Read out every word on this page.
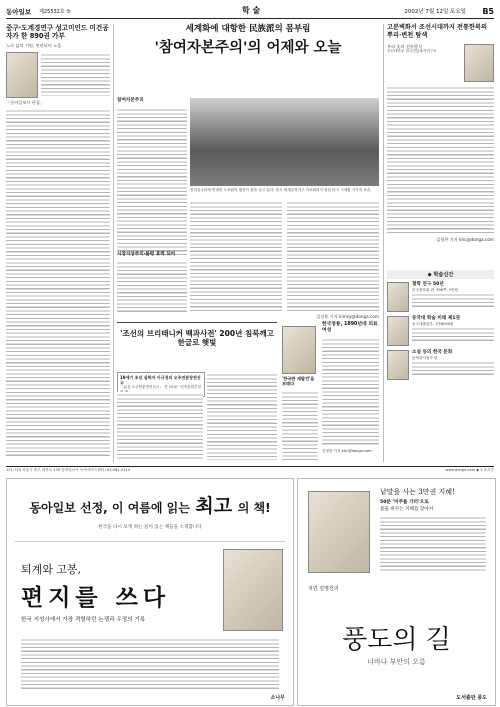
동아일보 제25532호 ⑤	학 술	2002년 7월 12일 토요일 B5
중구·도계경연구 성고미인드 미건공자가 한 890권 가부
노자 삶의 기원, 연관되어 노을
「동아일보사 편집」
세계화에 대항한 民族派의 몸부림
'참여자본주의'의 어제와 오늘
참여자본주의
신자유주의에 반대한 노조원의 행진이 줄을 잇고 있다. 당시 세계무역기구 각료회의가 열린 미국 시애틀 시가지 모습.
시장지상주의·불평 효력 되어
김상윤 기자 kimsy@donga.com
고분벽화서 조선시대까지 전통한복의 뿌리·변천 탐색
우리 옷의 전통양식
부산대학교 한국전통복식연구소
김형찬 기자 khc@donga.com
◆ 학술신간
철학 연구 50년
한국철학회 편, 396쪽, 2만원
동국대 학술 미래 제1권
동국대출판부, 1만8000원
소설 등의 한국 문화
문학과지성사 편
'조선의 브리태니커 백과사전' 200년 침묵깨고 한글로 햇빛
19세기 조선 실학자 이규경의 오주연문장전산고
「분류 오주연문장전산고」 전 10권 · 민족문화추진
'한국판 재발견'을 보태다
한국정통, 1890년대 의료 여성
김형찬 기자 khc@donga.com
121-715 서울시 중구 세종로 139 동아일보사 독자서비스센터 (02)361-0114	www.donga.com ◆ 1 소시루
동아일보 선정, 이 여름에 읽는 최고 의 책!
한국을 다시 보게 하는 깊이 있는 책들을 소개합니다
퇴계와 고봉,
편지를 쓰다
한국 지성사에서 가장 격렬하던 논쟁과 우정의 기록
소나무
낱말을 사는 3만권 지혜!
50분 ‘미주를 가터’으로
몸을 바꾸는 지혜를 찾아서
지민 김영진의
풍도의 길
너바나 부안의 오름
도서출판 풍도
